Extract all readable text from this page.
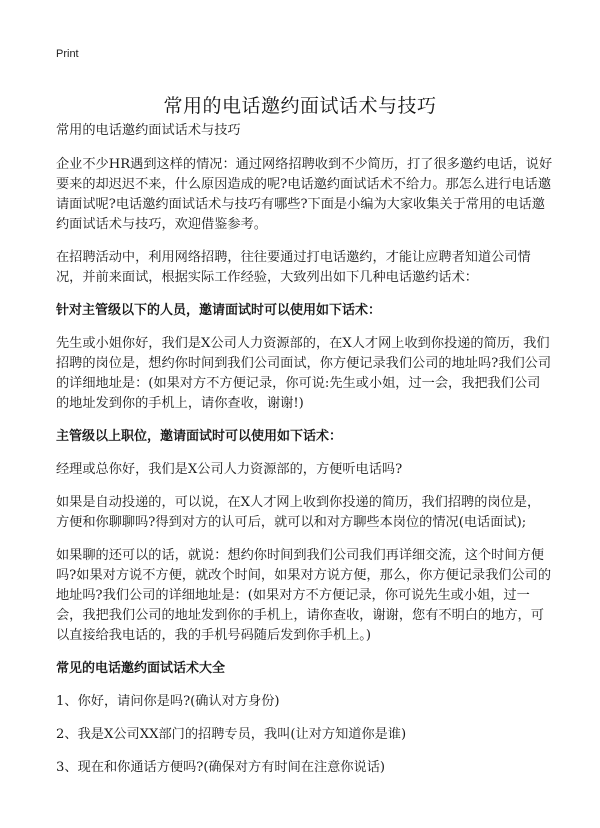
Print
常用的电话邀约面试话术与技巧

常用的电话邀约面试话术与技巧

企业不少HR遇到这样的情况：通过网络招聘收到不少简历，打了很多邀约电话，说好要来的却迟迟不来，什么原因造成的呢?电话邀约面试话术不给力。那怎么进行电话邀请面试呢?电话邀约面试话术与技巧有哪些?下面是小编为大家收集关于常用的电话邀约面试话术与技巧，欢迎借鉴参考。

在招聘活动中，利用网络招聘，往往要通过打电话邀约，才能让应聘者知道公司情况，并前来面试，根据实际工作经验，大致列出如下几种电话邀约话术：

针对主管级以下的人员，邀请面试时可以使用如下话术：

先生或小姐你好，我们是X公司人力资源部的，在X人才网上收到你投递的简历，我们招聘的岗位是，想约你时间到我们公司面试，你方便记录我们公司的地址吗?我们公司的详细地址是：(如果对方不方便记录，你可说:先生或小姐，过一会，我把我们公司的地址发到你的手机上，请你查收，谢谢!)

主管级以上职位，邀请面试时可以使用如下话术：

经理或总你好，我们是X公司人力资源部的，方便听电话吗?

如果是自动投递的，可以说，在X人才网上收到你投递的简历，我们招聘的岗位是，方便和你聊聊吗?得到对方的认可后，就可以和对方聊些本岗位的情况(电话面试);

如果聊的还可以的话，就说：想约你时间到我们公司我们再详细交流，这个时间方便吗?如果对方说不方便，就改个时间，如果对方说方便，那么，你方便记录我们公司的地址吗?我们公司的详细地址是：(如果对方不方便记录，你可说先生或小姐，过一会，我把我们公司的地址发到你的手机上，请你查收，谢谢，您有不明白的地方，可以直接给我电话的，我的手机号码随后发到你手机上。)

常见的电话邀约面试话术大全

1、你好，请问你是吗?(确认对方身份)

2、我是X公司XX部门的招聘专员，我叫(让对方知道你是谁)

3、现在和你通话方便吗?(确保对方有时间在注意你说话)
